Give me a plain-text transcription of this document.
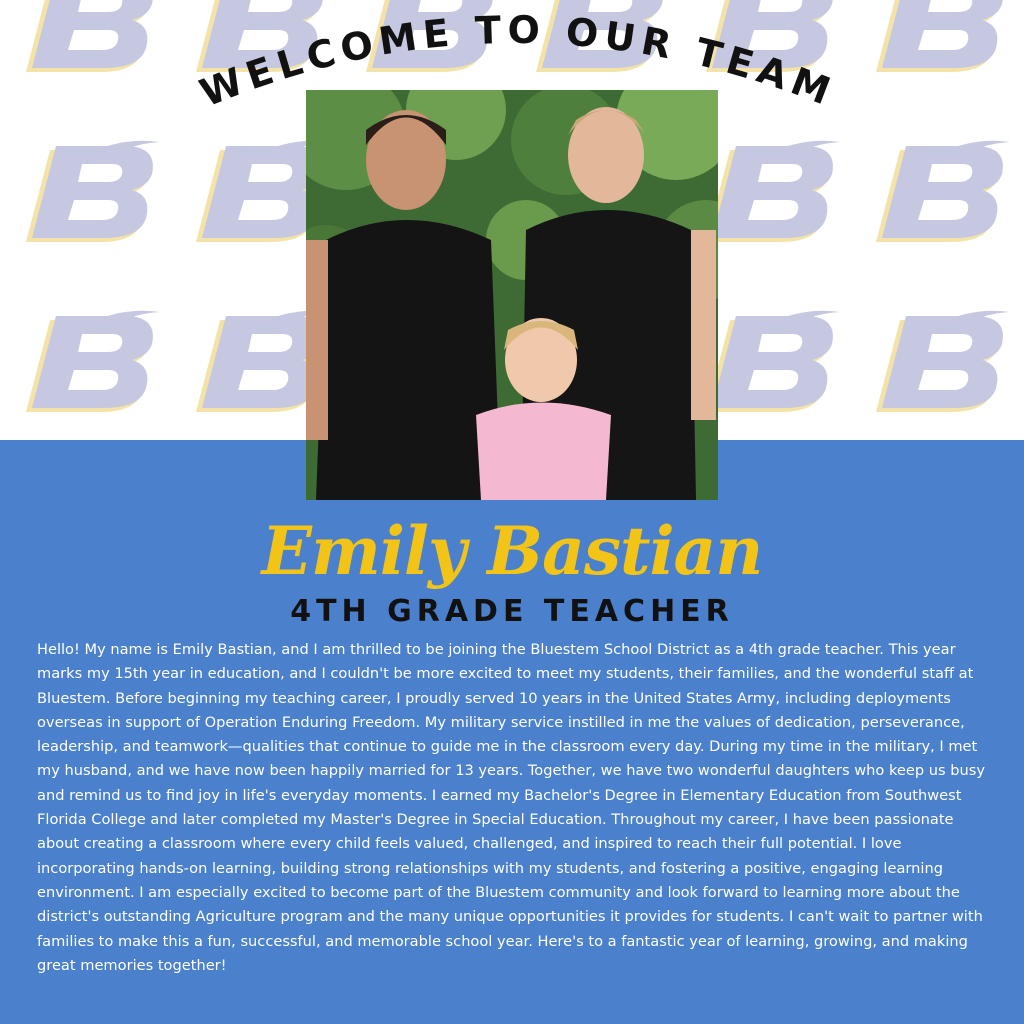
WELCOME TO OUR TEAM
Emily Bastian
4TH GRADE TEACHER
Hello! My name is Emily Bastian, and I am thrilled to be joining the Bluestem School District as a 4th grade teacher. This year marks my 15th year in education, and I couldn't be more excited to meet my students, their families, and the wonderful staff at Bluestem. Before beginning my teaching career, I proudly served 10 years in the United States Army, including deployments overseas in support of Operation Enduring Freedom. My military service instilled in me the values of dedication, perseverance, leadership, and teamwork—qualities that continue to guide me in the classroom every day. During my time in the military, I met my husband, and we have now been happily married for 13 years. Together, we have two wonderful daughters who keep us busy and remind us to find joy in life's everyday moments. I earned my Bachelor's Degree in Elementary Education from Southwest Florida College and later completed my Master's Degree in Special Education. Throughout my career, I have been passionate about creating a classroom where every child feels valued, challenged, and inspired to reach their full potential. I love incorporating hands-on learning, building strong relationships with my students, and fostering a positive, engaging learning environment. I am especially excited to become part of the Bluestem community and look forward to learning more about the district's outstanding Agriculture program and the many unique opportunities it provides for students. I can't wait to partner with families to make this a fun, successful, and memorable school year. Here's to a fantastic year of learning, growing, and making great memories together!
